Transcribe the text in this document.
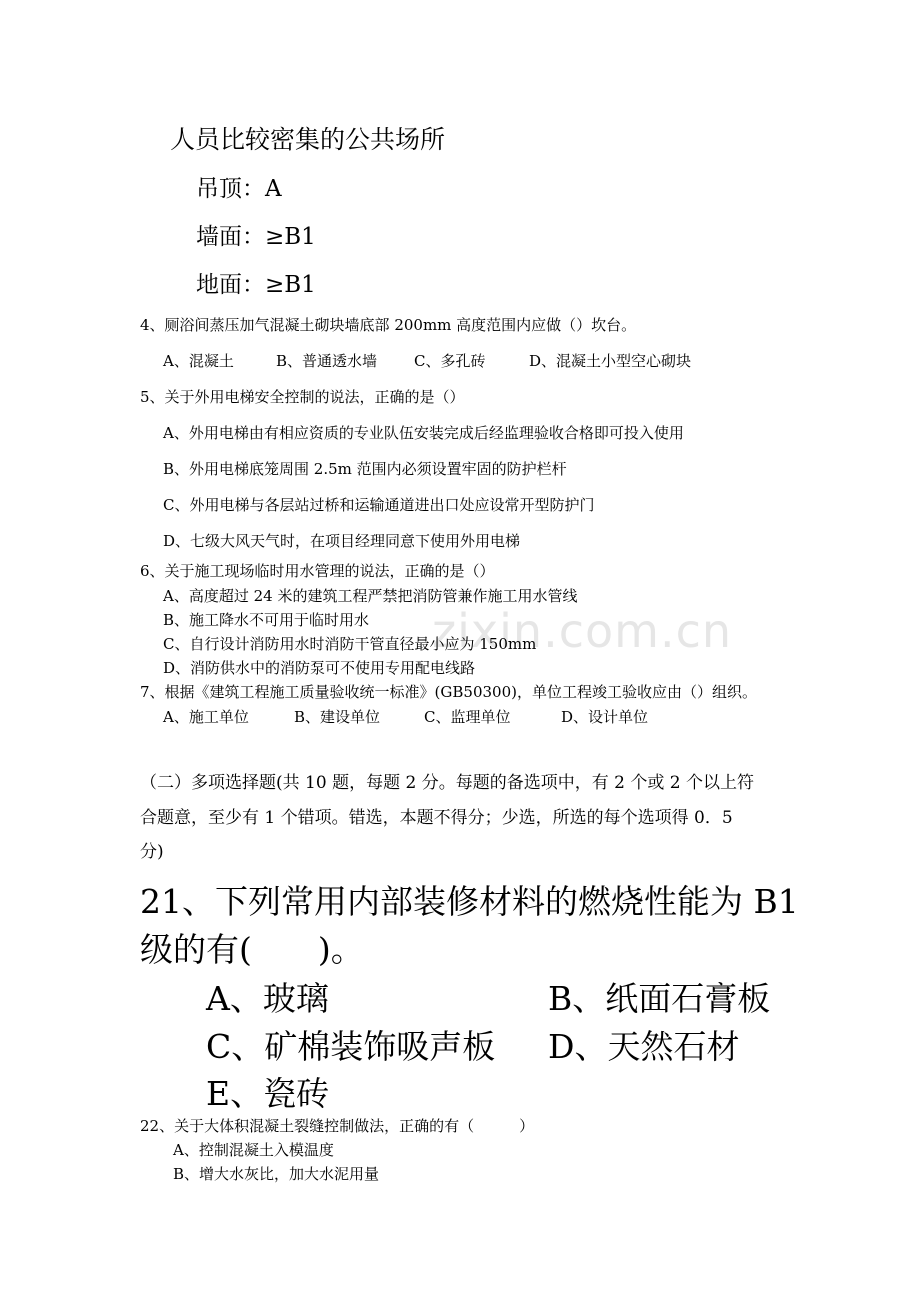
zixin.com.cn
人员比较密集的公共场所
吊顶：A
墙面：≥B1
地面：≥B1
4、厕浴间蒸压加气混凝土砌块墙底部 200mm 高度范围内应做（）坎台。
A、混凝土	B、普通透水墙 C、多孔砖	D、混凝土小型空心砌块
5、关于外用电梯安全控制的说法，正确的是（）
A、外用电梯由有相应资质的专业队伍安装完成后经监理验收合格即可投入使用
B、外用电梯底笼周围 2.5m 范围内必须设置牢固的防护栏杆
C、外用电梯与各层站过桥和运输通道进出口处应设常开型防护门
D、七级大风天气时，在项目经理同意下使用外用电梯
6、关于施工现场临时用水管理的说法，正确的是（）
A、高度超过 24 米的建筑工程严禁把消防管兼作施工用水管线
B、施工降水不可用于临时用水
C、自行设计消防用水时消防干管直径最小应为 150mm
D、消防供水中的消防泵可不使用专用配电线路
7、根据《建筑工程施工质量验收统一标准》(GB50300)，单位工程竣工验收应由（）组织。
A、施工单位	B、建设单位	C、监理单位	D、设计单位
（二）多项选择题(共 10 题，每题 2 分。每题的备选项中，有 2 个或 2 个以上符
合题意，至少有 1 个错项。错选，本题不得分；少选，所选的每个选项得 0．5
分)
21、下列常用内部装修材料的燃烧性能为 B1
级的有(　　)。
A、玻璃	B、纸面石膏板
C、矿棉装饰吸声板 D、天然石材
E、瓷砖
22、关于大体积混凝土裂缝控制做法，正确的有（　　　）
A、控制混凝土入模温度
B、增大水灰比，加大水泥用量
